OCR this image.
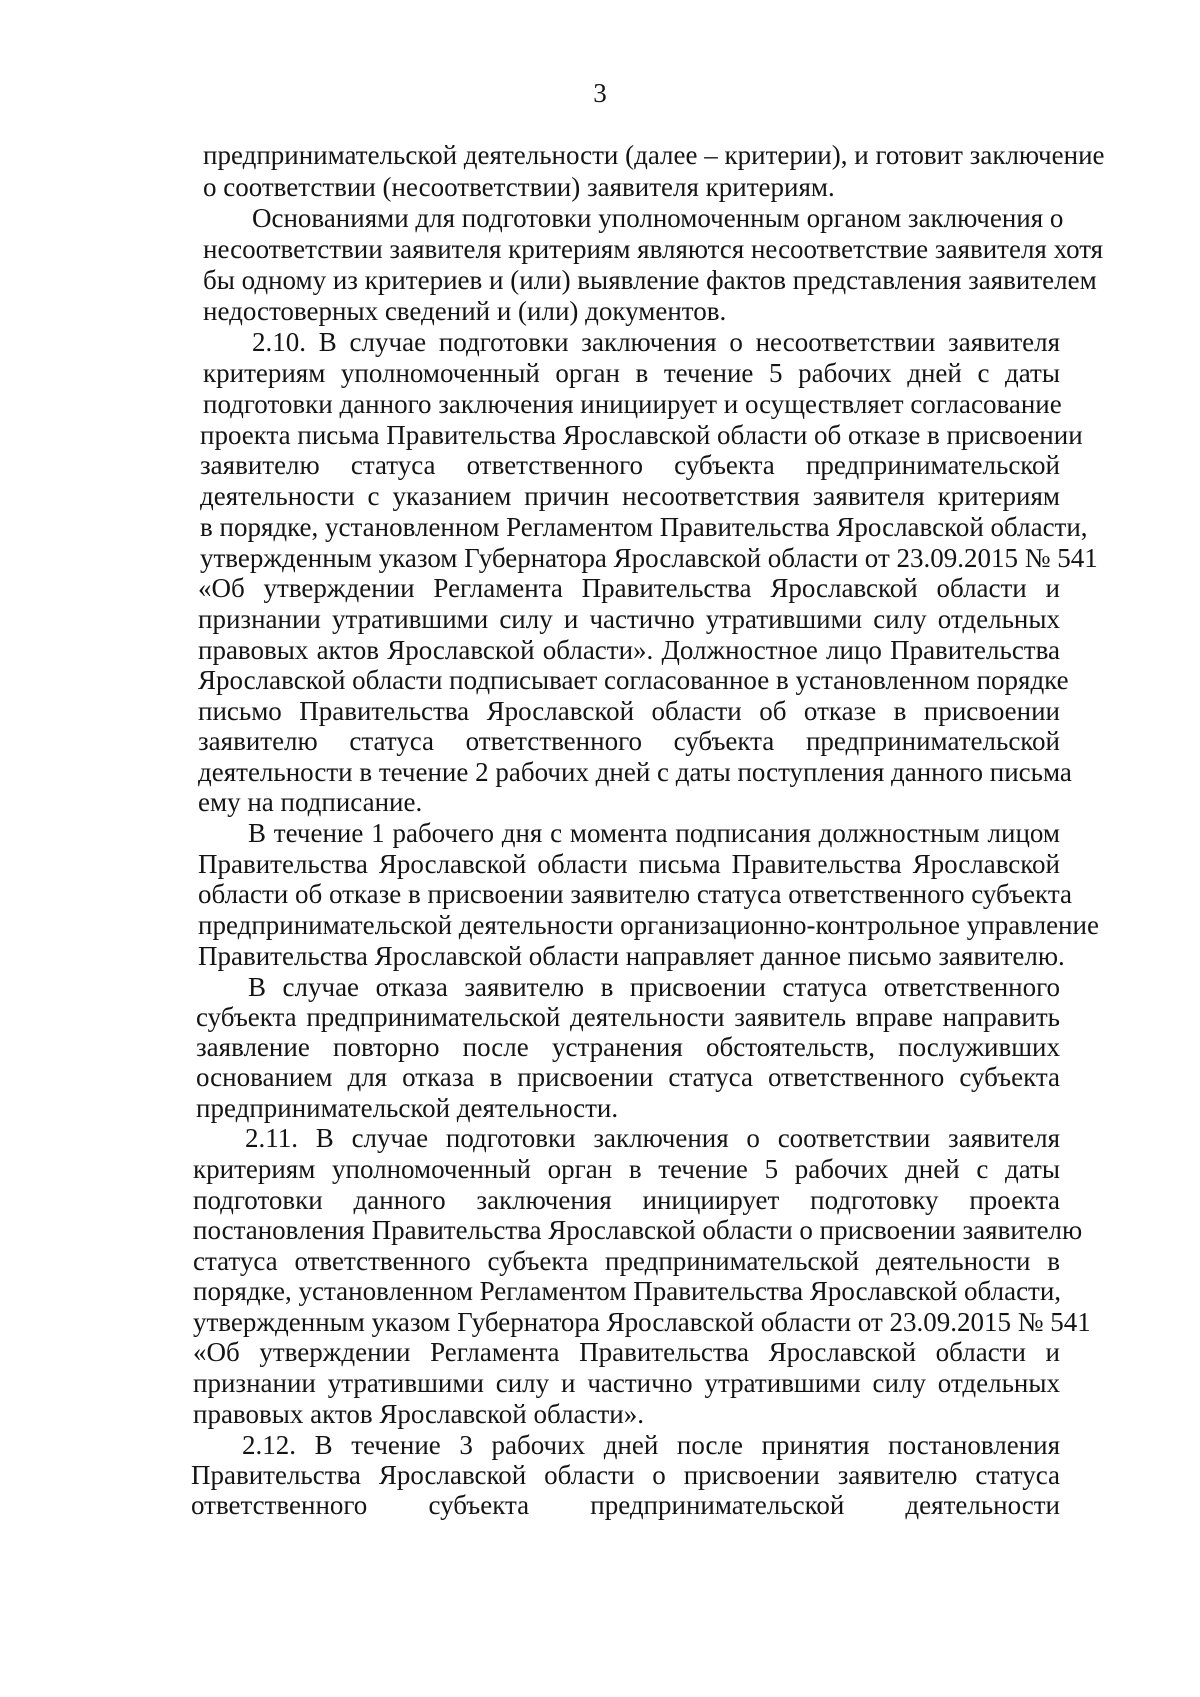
3
предпринимательской деятельности (далее – критерии), и готовит заключение
о соответствии (несоответствии) заявителя критериям.
Основаниями для подготовки уполномоченным органом заключения о
несоответствии заявителя критериям являются несоответствие заявителя хотя
бы одному из критериев и (или) выявление фактов представления заявителем
недостоверных сведений и (или) документов.
2.10. В случае подготовки заключения о несоответствии заявителя
критериям уполномоченный орган в течение 5 рабочих дней с даты
подготовки данного заключения инициирует и осуществляет согласование
проекта письма Правительства Ярославской области об отказе в присвоении
заявителю статуса ответственного субъекта предпринимательской
деятельности с указанием причин несоответствия заявителя критериям
в порядке, установленном Регламентом Правительства Ярославской области,
утвержденным указом Губернатора Ярославской области от 23.09.2015 № 541
«Об утверждении Регламента Правительства Ярославской области и
признании утратившими силу и частично утратившими силу отдельных
правовых актов Ярославской области». Должностное лицо Правительства
Ярославской области подписывает согласованное в установленном порядке
письмо Правительства Ярославской области об отказе в присвоении
заявителю статуса ответственного субъекта предпринимательской
деятельности в течение 2 рабочих дней с даты поступления данного письма
ему на подписание.
В течение 1 рабочего дня с момента подписания должностным лицом
Правительства Ярославской области письма Правительства Ярославской
области об отказе в присвоении заявителю статуса ответственного субъекта
предпринимательской деятельности организационно-контрольное управление
Правительства Ярославской области направляет данное письмо заявителю.
В случае отказа заявителю в присвоении статуса ответственного
субъекта предпринимательской деятельности заявитель вправе направить
заявление повторно после устранения обстоятельств, послуживших
основанием для отказа в присвоении статуса ответственного субъекта
предпринимательской деятельности.
2.11. В случае подготовки заключения о соответствии заявителя
критериям уполномоченный орган в течение 5 рабочих дней с даты
подготовки данного заключения инициирует подготовку проекта
постановления Правительства Ярославской области о присвоении заявителю
статуса ответственного субъекта предпринимательской деятельности в
порядке, установленном Регламентом Правительства Ярославской области,
утвержденным указом Губернатора Ярославской области от 23.09.2015 № 541
«Об утверждении Регламента Правительства Ярославской области и
признании утратившими силу и частично утратившими силу отдельных
правовых актов Ярославской области».
2.12. В течение 3 рабочих дней после принятия постановления
Правительства Ярославской области о присвоении заявителю статуса
ответственного субъекта предпринимательской деятельности
